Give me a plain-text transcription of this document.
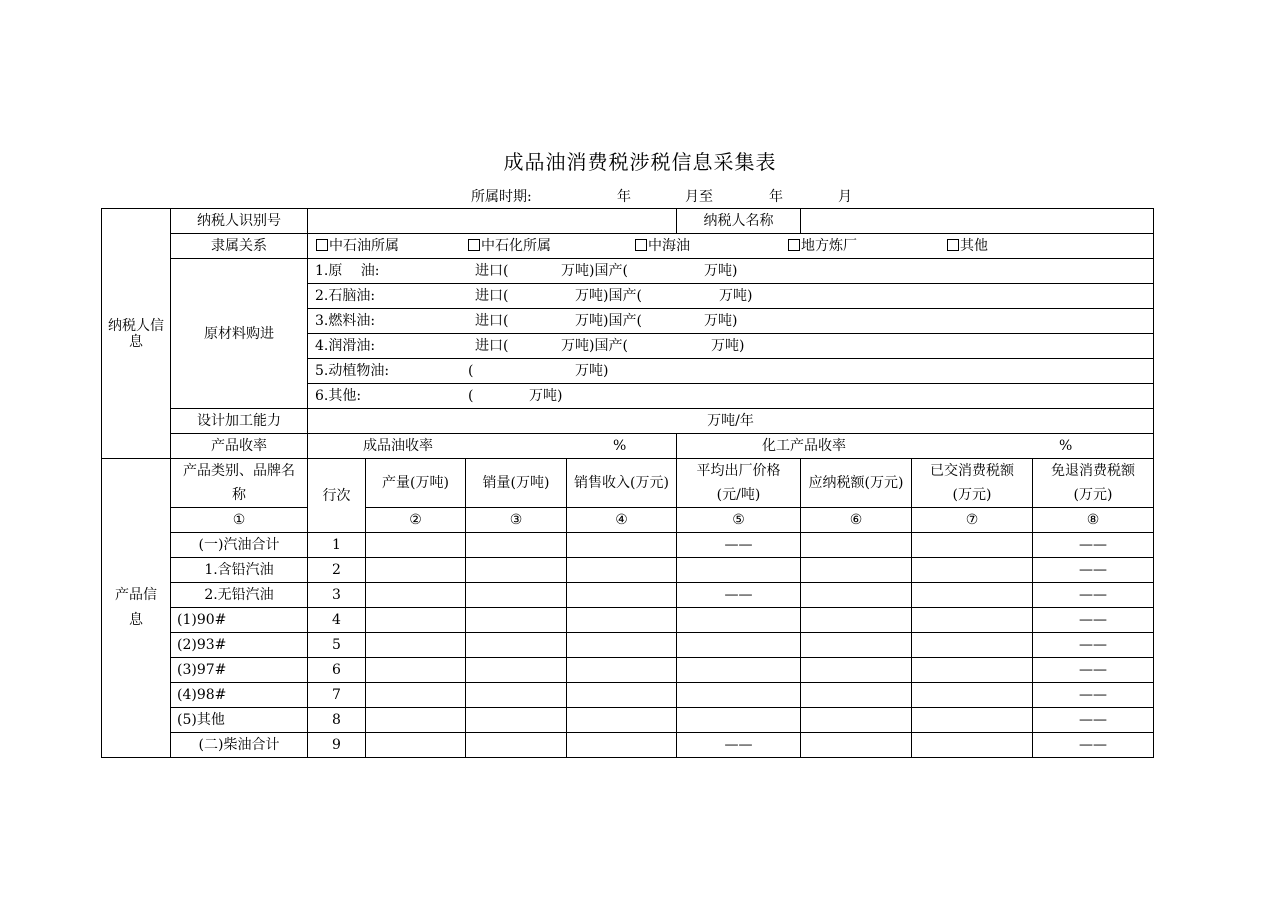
成品油消费税涉税信息采集表
所属时期:	年	月至	年	月
纳税人信息	纳税人识别号					纳税人名称			
	隶属关系	中石油所属 中石化所属 中海油 地方炼厂 其他							

	原材料购进	1.原　 油: 进口( 万吨)国产( 万吨)							

		2.石脑油: 进口( 万吨)国产( 万吨)							

		3.燃料油: 进口( 万吨)国产( 万吨)							

		4.润滑油: 进口( 万吨)国产( 万吨)							

		5.动植物油: ( 万吨)							

		6.其他: ( 万吨)							

	设计加工能力	万吨/年							
	产品收率	成品油收率 %				化工产品收率 %			

产品信息	产品类别、品牌名称	行次	产量(万吨)	销量(万吨)	销售收入(万元)	平均出厂价格(元/吨)	应纳税额(万元)	已交消费税额(万元)	免退消费税额(万元)
	①		②	③	④	⑤	⑥	⑦	⑧
	(一)汽油合计	1				——			——
	1.含铅汽油	2							——
	2.无铅汽油	3				——			——
	(1)90#	4							——
	(2)93#	5							——
	(3)97#	6							——
	(4)98#	7							——
	(5)其他	8							——
	(二)柴油合计	9				——			——
